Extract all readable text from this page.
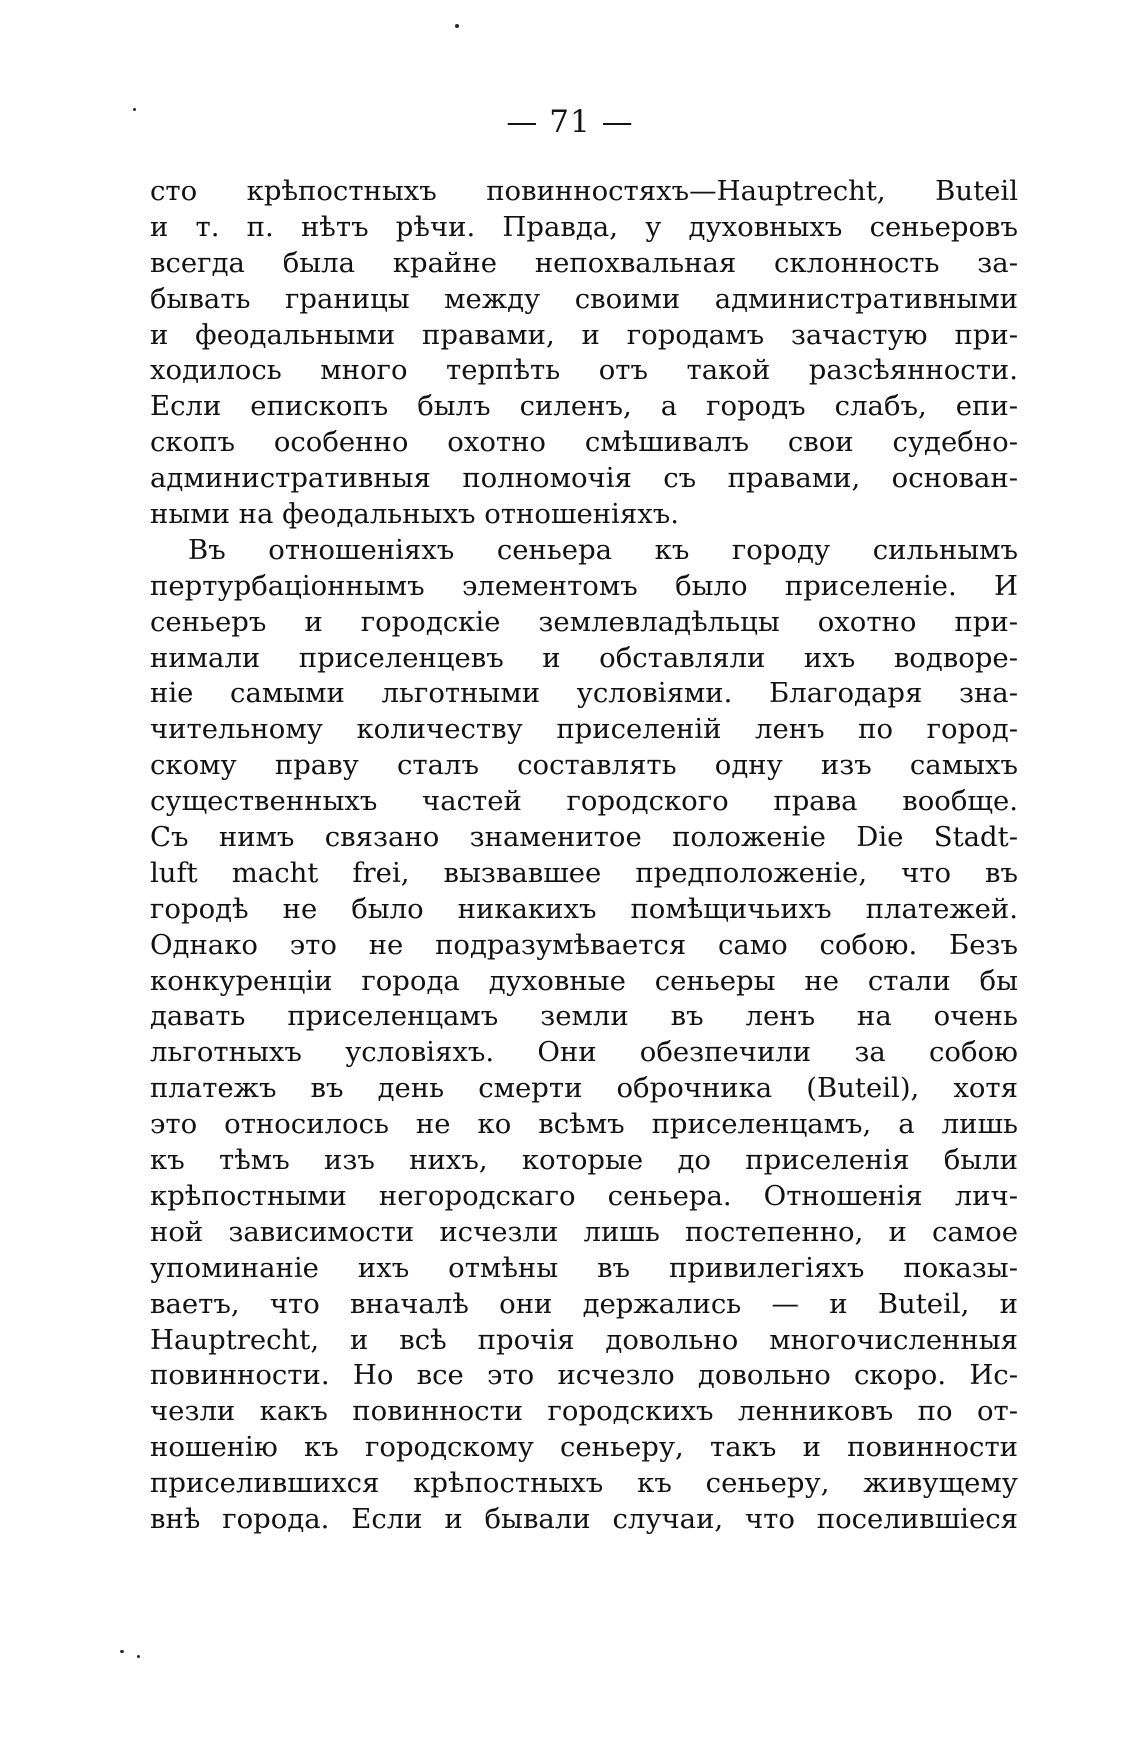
— 71 —
сто крѣпостныхъ повинностяхъ—Hauptrecht, Buteil
и т. п. нѣтъ рѣчи. Правда, у духовныхъ сеньеровъ
всегда была крайне непохвальная склонность за-
бывать границы между своими административными
и феодальными правами, и городамъ зачастую при-
ходилось много терпѣть отъ такой разсѣянности.
Если епископъ былъ силенъ, а городъ слабъ, епи-
скопъ особенно охотно смѣшивалъ свои судебно-
административныя полномочія съ правами, основан-
ными на феодальныхъ отношеніяхъ.
Въ отношеніяхъ сеньера къ городу сильнымъ
пертурбаціоннымъ элементомъ было приселеніе. И
сеньеръ и городскіе землевладѣльцы охотно при-
нимали приселенцевъ и обставляли ихъ водворе-
ніе самыми льготными условіями. Благодаря зна-
чительному количеству приселеній ленъ по город-
скому праву сталъ составлять одну изъ самыхъ
существенныхъ частей городского права вообще.
Съ нимъ связано знаменитое положеніе Die Stadt-
luft macht frei, вызвавшее предположеніе, что въ
городѣ не было никакихъ помѣщичьихъ платежей.
Однако это не подразумѣвается само собою. Безъ
конкуренціи города духовные сеньеры не стали бы
давать приселенцамъ земли въ ленъ на очень
льготныхъ условіяхъ. Они обезпечили за собою
платежъ въ день смерти оброчника (Buteil), хотя
это относилось не ко всѣмъ приселенцамъ, а лишь
къ тѣмъ изъ нихъ, которые до приселенія были
крѣпостными негородскаго сеньера. Отношенія лич-
ной зависимости исчезли лишь постепенно, и самое
упоминаніе ихъ отмѣны въ привилегіяхъ показы-
ваетъ, что вначалѣ они держались — и Buteil, и
Hauptrecht, и всѣ прочія довольно многочисленныя
повинности. Но все это исчезло довольно скоро. Ис-
чезли какъ повинности городскихъ ленниковъ по от-
ношенію къ городскому сеньеру, такъ и повинности
приселившихся крѣпостныхъ къ сеньеру, живущему
внѣ города. Если и бывали случаи, что поселившіеся
